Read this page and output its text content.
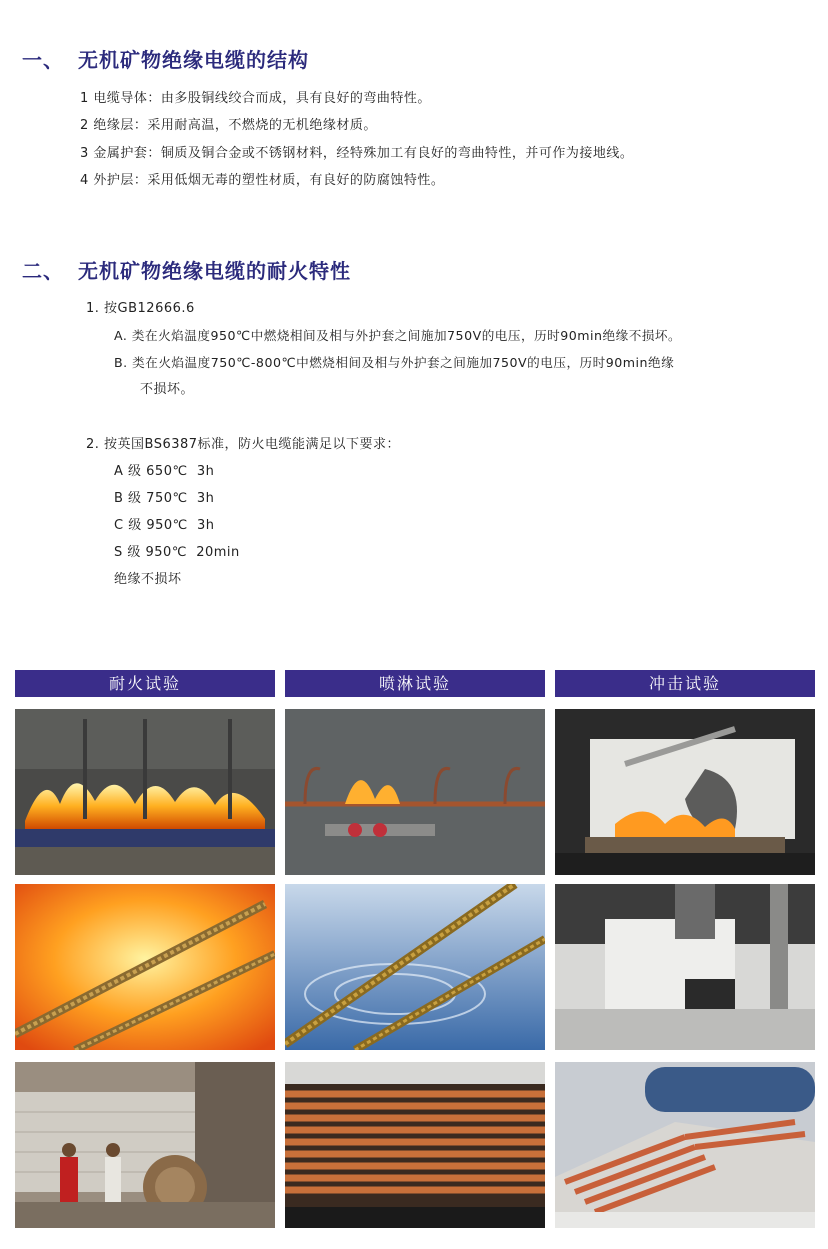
一、 无机矿物绝缘电缆的结构
1 电缆导体：由多股铜线绞合而成，具有良好的弯曲特性。
2 绝缘层：采用耐高温，不燃烧的无机绝缘材质。
3 金属护套：铜质及铜合金或不锈钢材料，经特殊加工有良好的弯曲特性，并可作为接地线。
4 外护层：采用低烟无毒的塑性材质，有良好的防腐蚀特性。
二、 无机矿物绝缘电缆的耐火特性
1. 按GB12666.6
A. 类在火焰温度950℃中燃烧相间及相与外护套之间施加750V的电压，历时90min绝缘不损坏。
B. 类在火焰温度750℃-800℃中燃烧相间及相与外护套之间施加750V的电压，历时90min绝缘
不损坏。
2. 按英国BS6387标准，防火电缆能满足以下要求：
A 级 650℃  3h
B 级 750℃  3h
C 级 950℃  3h
S 级 950℃  20min
绝缘不损坏
耐火试验	喷淋试验	冲击试验
